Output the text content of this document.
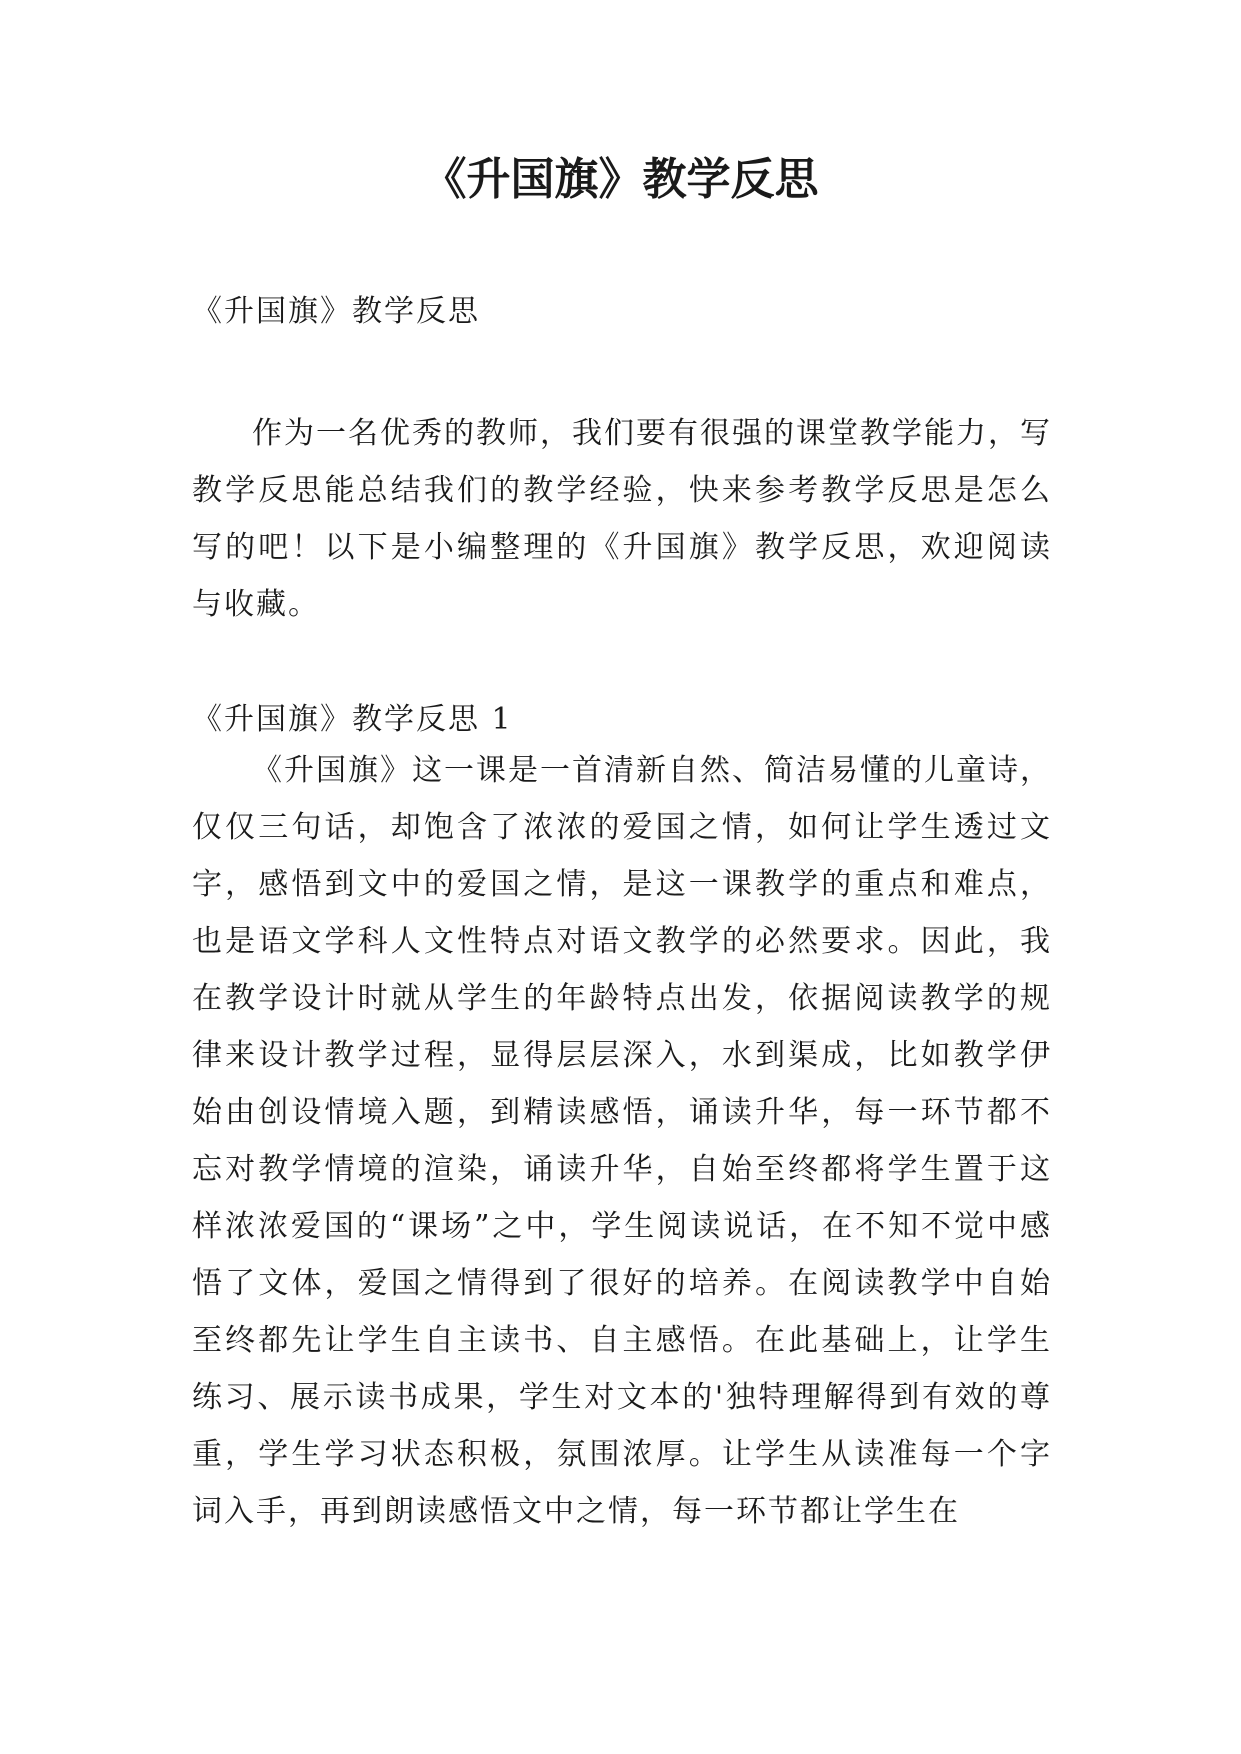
《升国旗》教学反思

《升国旗》教学反思

作为一名优秀的教师，我们要有很强的课堂教学能力，写教学反思能总结我们的教学经验，快来参考教学反思是怎么写的吧！以下是小编整理的《升国旗》教学反思，欢迎阅读与收藏。

《升国旗》教学反思 1

《升国旗》这一课是一首清新自然、简洁易懂的儿童诗，仅仅三句话，却饱含了浓浓的爱国之情，如何让学生透过文字，感悟到文中的爱国之情，是这一课教学的重点和难点，也是语文学科人文性特点对语文教学的必然要求。因此，我在教学设计时就从学生的年龄特点出发，依据阅读教学的规律来设计教学过程，显得层层深入，水到渠成，比如教学伊始由创设情境入题，到精读感悟，诵读升华，每一环节都不忘对教学情境的渲染，诵读升华，自始至终都将学生置于这样浓浓爱国的“课场”之中，学生阅读说话，在不知不觉中感悟了文体，爱国之情得到了很好的培养。在阅读教学中自始至终都先让学生自主读书、自主感悟。在此基础上，让学生练习、展示读书成果，学生对文本的'独特理解得到有效的尊重，学生学习状态积极，氛围浓厚。让学生从读准每一个字词入手，再到朗读感悟文中之情，每一环节都让学生在
